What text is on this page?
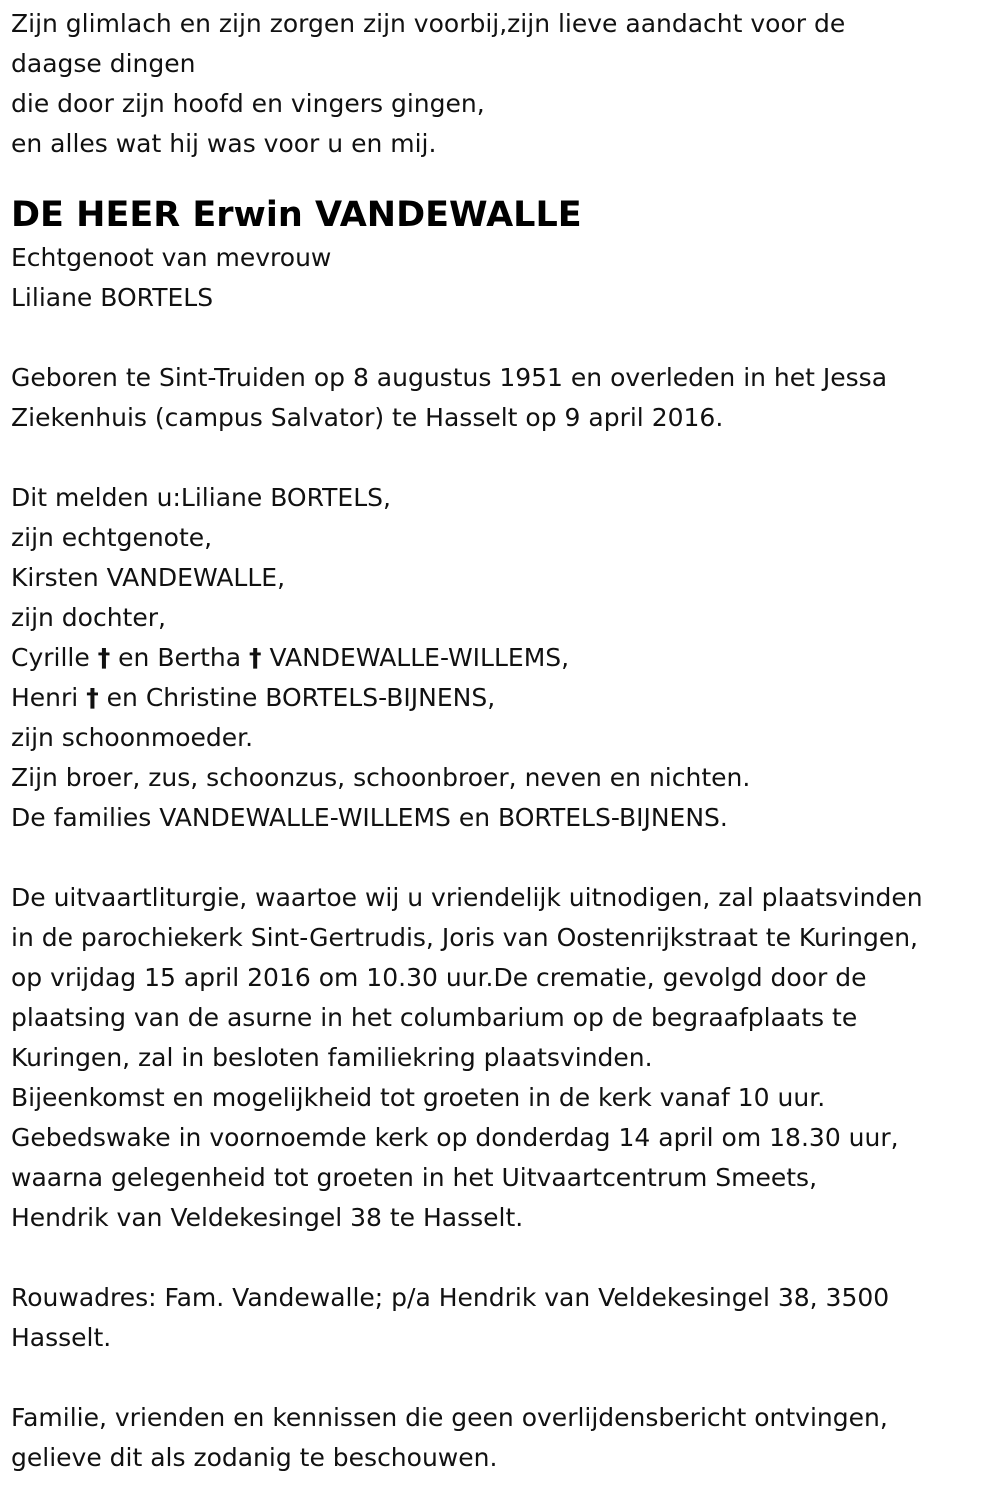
Zijn glimlach en zijn zorgen zijn voorbij,zijn lieve aandacht voor de
daagse dingen
die door zijn hoofd en vingers gingen,
en alles wat hij was voor u en mij.
DE HEER Erwin VANDEWALLE
Echtgenoot van mevrouw
Liliane BORTELS
Geboren te Sint-Truiden op 8 augustus 1951 en overleden in het Jessa
Ziekenhuis (campus Salvator) te Hasselt op 9 april 2016.
Dit melden u:Liliane BORTELS,
zijn echtgenote,
Kirsten VANDEWALLE,
zijn dochter,
Cyrille † en Bertha † VANDEWALLE-WILLEMS,
Henri † en Christine BORTELS-BIJNENS,
zijn schoonmoeder.
Zijn broer, zus, schoonzus, schoonbroer, neven en nichten.
De families VANDEWALLE-WILLEMS en BORTELS-BIJNENS.
De uitvaartliturgie, waartoe wij u vriendelijk uitnodigen, zal plaatsvinden
in de parochiekerk Sint-Gertrudis, Joris van Oostenrijkstraat te Kuringen,
op vrijdag 15 april 2016 om 10.30 uur.De crematie, gevolgd door de
plaatsing van de asurne in het columbarium op de begraafplaats te
Kuringen, zal in besloten familiekring plaatsvinden.
Bijeenkomst en mogelijkheid tot groeten in de kerk vanaf 10 uur.
Gebedswake in voornoemde kerk op donderdag 14 april om 18.30 uur,
waarna gelegenheid tot groeten in het Uitvaartcentrum Smeets,
Hendrik van Veldekesingel 38 te Hasselt.
Rouwadres: Fam. Vandewalle; p/a Hendrik van Veldekesingel 38, 3500
Hasselt.
Familie, vrienden en kennissen die geen overlijdensbericht ontvingen,
gelieve dit als zodanig te beschouwen.
